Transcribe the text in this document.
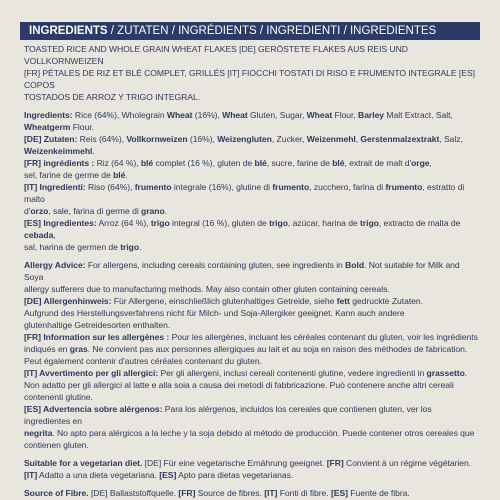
INGREDIENTS / ZUTATEN / INGRÉDIENTS / INGREDIENTI / INGREDIENTES

TOASTED RICE AND WHOLE GRAIN WHEAT FLAKES [DE] GERÖSTETE FLAKES AUS REIS UND VOLLKORNWEIZEN
[FR] PÉTALES DE RIZ ET BLÉ COMPLET, GRILLÉS [IT] FIOCCHI TOSTATI DI RISO E FRUMENTO INTEGRALE [ES] COPOS
TOSTADOS DE ARROZ Y TRIGO INTEGRAL.

Ingredients: Rice (64%), Wholegrain Wheat (16%), Wheat Gluten, Sugar, Wheat Flour, Barley Malt Extract, Salt,
Wheatgerm Flour.

[DE] Zutaten: Reis (64%), Vollkornweizen (16%), Weizengluten, Zucker, Weizenmehl, Gerstenmalzextrakt, Salz,
Weizenkeimmehl.

[FR] ingrédients : Riz (64 %), blé complet (16 %), gluten de blé, sucre, farine de blé, extrait de malt d'orge,
sel, farine de germe de blé.

[IT] Ingredienti: Riso (64%), frumento integrale (16%), glutine di frumento, zucchero, farina di frumento, estratto di malto
d'orzo, sale, farina di germe di grano.

[ES] Ingredientes: Arroz (64 %), trigo integral (16 %), gluten de trigo, azúcar, harina de trigo, extracto de malta de cebada,
sal, harina de germen de trigo.

Allergy Advice: For allergens, including cereals containing gluten, see ingredients in Bold. Not suitable for Milk and Soya
allergy sufferers due to manufacturing methods. May also contain other gluten containing cereals.

[DE] Allergenhinweis: Für Allergene, einschließlich glutenhaltiges Getreide, siehe fett gedruckte Zutaten.
Aufgrund des Herstellungsverfahrens nicht für Milch- und Soja-Allergiker geeignet. Kann auch andere
glutenhaltige Getreidesorten enthalten.

[FR] Information sur les allergènes : Pour les allergènes, incluant les céréales contenant du gluten, voir les ingrédients
indiqués en gras. Ne convient pas aux personnes allergiques au lait et au soja en raison des méthodes de fabrication.
Peut également contenir d'autres céréales contenant du gluten.

[IT] Avvertimento per gli allergici: Per gli allergeni, inclusi cereali contenenti glutine, vedere ingredienti in grassetto.
Non adatto per gli allergici al latte e alla soia a causa dei metodi di fabbricazione. Può contenere anche altri cereali
contenenti glutine.

[ES] Advertencia sobre alérgenos: Para los alérgenos, incluidos los cereales que contienen gluten, ver los ingredientes en
negrita. No apto para alérgicos a la leche y la soja debido al método de producción. Puede contener otros cereales que
contienen gluten.

Suitable for a vegetarian diet. [DE] Für eine vegetarische Ernährung geeignet. [FR] Convient à un régime végétarien.
[IT] Adatto a una dieta vegetariana. [ES] Apto para dietas vegetarianas.

Source of Fibre. [DE] Ballaststoffquelle. [FR] Source de fibres. [IT] Fonti di fibre. [ES] Fuente de fibra.
